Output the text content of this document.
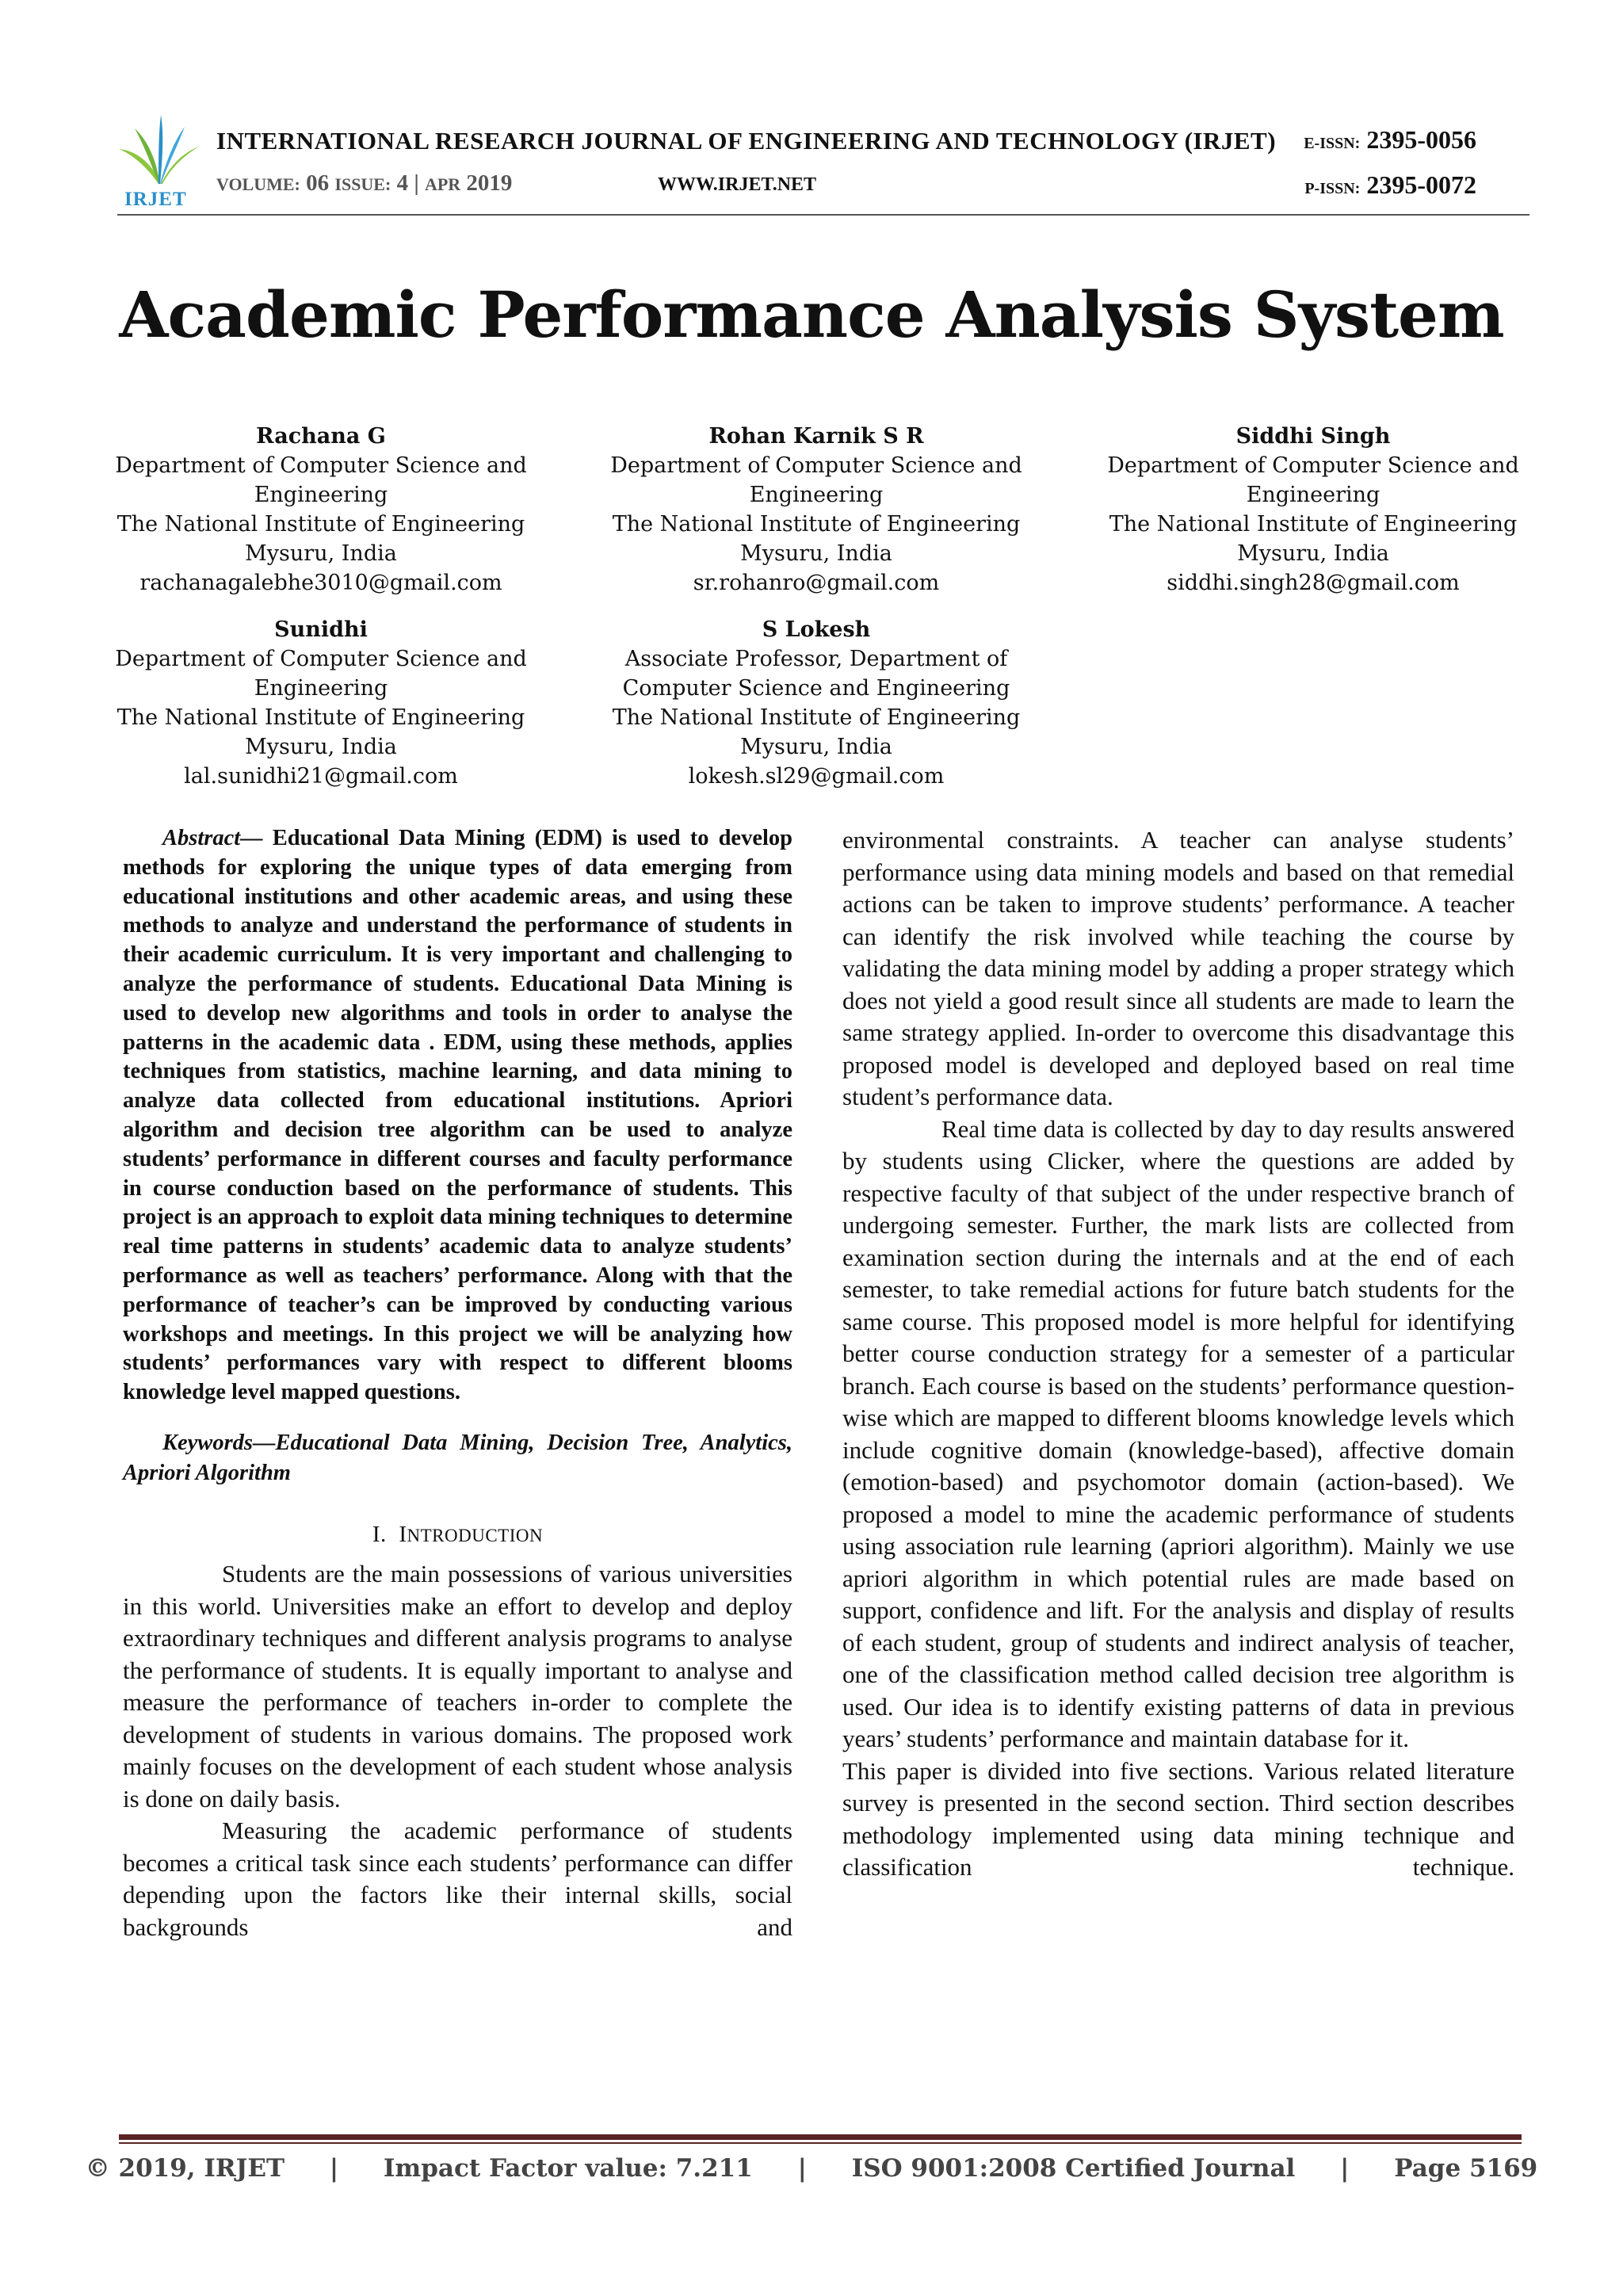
IRJET
INTERNATIONAL RESEARCH JOURNAL OF ENGINEERING AND TECHNOLOGY (IRJET)
VOLUME: 06 ISSUE: 4 | APR 2019	WWW.IRJET.NET
E-ISSN: 2395-0056
P-ISSN: 2395-0072
Academic Performance Analysis System
Rachana G
Department of Computer Science and
Engineering
The National Institute of Engineering
Mysuru, India
rachanagalebhe3010@gmail.com
Rohan Karnik S R
Department of Computer Science and
Engineering
The National Institute of Engineering
Mysuru, India
sr.rohanro@gmail.com
Siddhi Singh
Department of Computer Science and
Engineering
The National Institute of Engineering
Mysuru, India
siddhi.singh28@gmail.com
Sunidhi
Department of Computer Science and
Engineering
The National Institute of Engineering
Mysuru, India
lal.sunidhi21@gmail.com
S Lokesh
Associate Professor, Department of
Computer Science and Engineering
The National Institute of Engineering
Mysuru, India
lokesh.sl29@gmail.com

Abstract— Educational Data Mining (EDM) is used to develop methods for exploring the unique types of data emerging from educational institutions and other academic areas, and using these methods to analyze and understand the performance of students in their academic curriculum. It is very important and challenging to analyze the performance of students. Educational Data Mining is used to develop new algorithms and tools in order to analyse the patterns in the academic data . EDM, using these methods, applies techniques from statistics, machine learning, and data mining to analyze data collected from educational institutions. Apriori algorithm and decision tree algorithm can be used to analyze students’ performance in different courses and faculty performance in course conduction based on the performance of students. This project is an approach to exploit data mining techniques to determine real time patterns in students’ academic data to analyze students’ performance as well as teachers’ performance. Along with that the performance of teacher’s can be improved by conducting various workshops and meetings. In this project we will be analyzing how students’ performances vary with respect to different blooms knowledge level mapped questions.

Keywords—Educational Data Mining, Decision Tree, Analytics, Apriori Algorithm

I. INTRODUCTION

Students are the main possessions of various universities in this world. Universities make an effort to develop and deploy extraordinary techniques and different analysis programs to analyse the performance of students. It is equally important to analyse and measure the performance of teachers in-order to complete the development of students in various domains. The proposed work mainly focuses on the development of each student whose analysis is done on daily basis.

Measuring the academic performance of students becomes a critical task since each students’ performance can differ depending upon the factors like their internal skills, social backgrounds and

environmental constraints. A teacher can analyse students’ performance using data mining models and based on that remedial actions can be taken to improve students’ performance. A teacher can identify the risk involved while teaching the course by validating the data mining model by adding a proper strategy which does not yield a good result since all students are made to learn the same strategy applied. In-order to overcome this disadvantage this proposed model is developed and deployed based on real time student’s performance data.

Real time data is collected by day to day results answered by students using Clicker, where the questions are added by respective faculty of that subject of the under respective branch of undergoing semester. Further, the mark lists are collected from examination section during the internals and at the end of each semester, to take remedial actions for future batch students for the same course. This proposed model is more helpful for identifying better course conduction strategy for a semester of a particular branch. Each course is based on the students’ performance question-wise which are mapped to different blooms knowledge levels which include cognitive domain (knowledge-based), affective domain (emotion-based) and psychomotor domain (action-based). We proposed a model to mine the academic performance of students using association rule learning (apriori algorithm). Mainly we use apriori algorithm in which potential rules are made based on support, confidence and lift. For the analysis and display of results of each student, group of students and indirect analysis of teacher, one of the classification method called decision tree algorithm is used. Our idea is to identify existing patterns of data in previous years’ students’ performance and maintain database for it.

This paper is divided into five sections. Various related literature survey is presented in the second section. Third section describes methodology implemented using data mining technique and classification technique.

© 2019, IRJET | Impact Factor value: 7.211 | ISO 9001:2008 Certified Journal | Page 5169
